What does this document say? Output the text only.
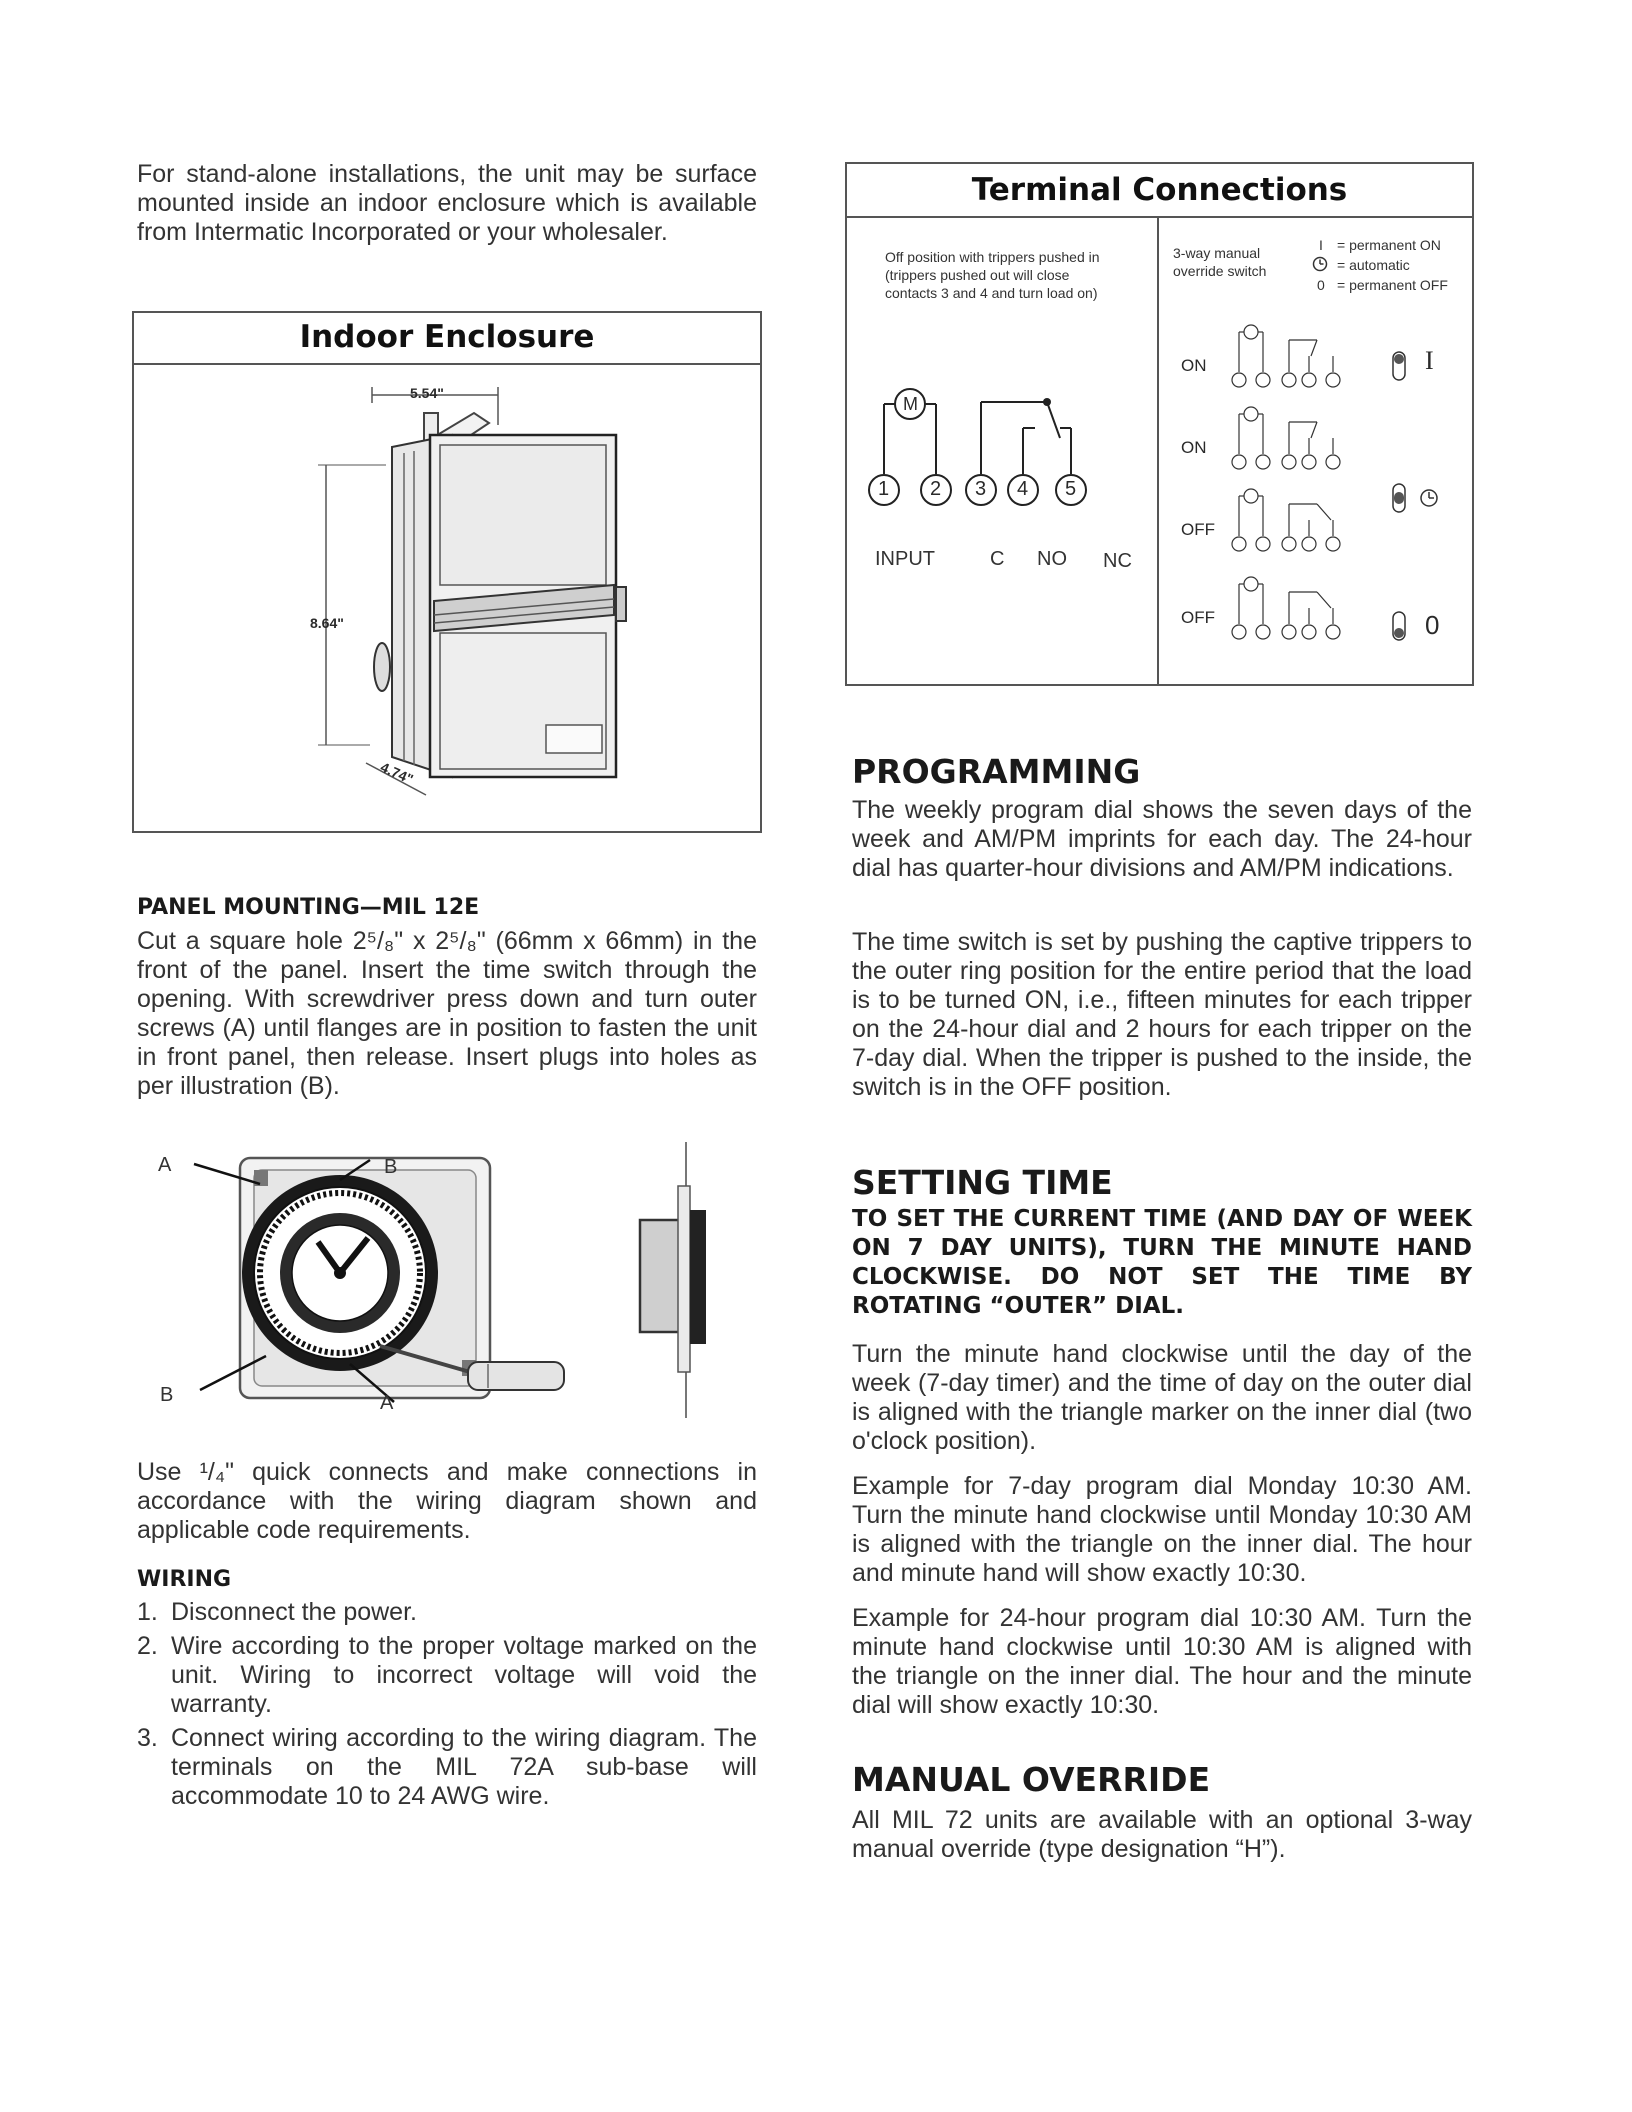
For stand-alone installations, the unit may be surface mounted inside an indoor enclosure which is available from Intermatic Incorporated or your wholesaler.
Indoor Enclosure
5.54"
8.64"
4.74"
PANEL MOUNTING—MIL 12E
Cut a square hole 2⁵/₈" x 2⁵/₈" (66mm x 66mm) in the front of the panel. Insert the time switch through the opening. With screwdriver press down and turn outer screws (A) until flanges are in position to fasten the unit in front panel, then release. Insert plugs into holes as per illustration (B).
A	B
B	A
Use ¹/₄" quick connects and make connections in accordance with the wiring diagram shown and applicable code requirements.
WIRING
1. Disconnect the power.
2. Wire according to the proper voltage marked on the unit. Wiring to incorrect voltage will void the warranty.
3. Connect wiring according to the wiring diagram. The terminals on the MIL 72A sub-base will accommodate 10 to 24 AWG wire.
Terminal Connections
Off position with trippers pushed in (trippers pushed out will close contacts 3 and 4 and turn load on)
M
1 2 3 4 5
INPUT	C NO NC
3-way manual override switch
I = permanent ON
= automatic
0 = permanent OFF
ON
ON
OFF
OFF
I
0
PROGRAMMING
The weekly program dial shows the seven days of the week and AM/PM imprints for each day. The 24-hour dial has quarter-hour divisions and AM/PM indications.
The time switch is set by pushing the captive trippers to the outer ring position for the entire period that the load is to be turned ON, i.e., fifteen minutes for each tripper on the 24-hour dial and 2 hours for each tripper on the 7-day dial. When the tripper is pushed to the inside, the switch is in the OFF position.
SETTING TIME
TO SET THE CURRENT TIME (AND DAY OF WEEK ON 7 DAY UNITS), TURN THE MINUTE HAND CLOCKWISE. DO NOT SET THE TIME BY ROTATING “OUTER” DIAL.
Turn the minute hand clockwise until the day of the week (7-day timer) and the time of day on the outer dial is aligned with the triangle marker on the inner dial (two o'clock position).
Example for 7-day program dial Monday 10:30 AM. Turn the minute hand clockwise until Monday 10:30 AM is aligned with the triangle on the inner dial. The hour and minute hand will show exactly 10:30.
Example for 24-hour program dial 10:30 AM. Turn the minute hand clockwise until 10:30 AM is aligned with the triangle on the inner dial. The hour and the minute dial will show exactly 10:30.
MANUAL OVERRIDE
All MIL 72 units are available with an optional 3-way manual override (type designation “H”).
